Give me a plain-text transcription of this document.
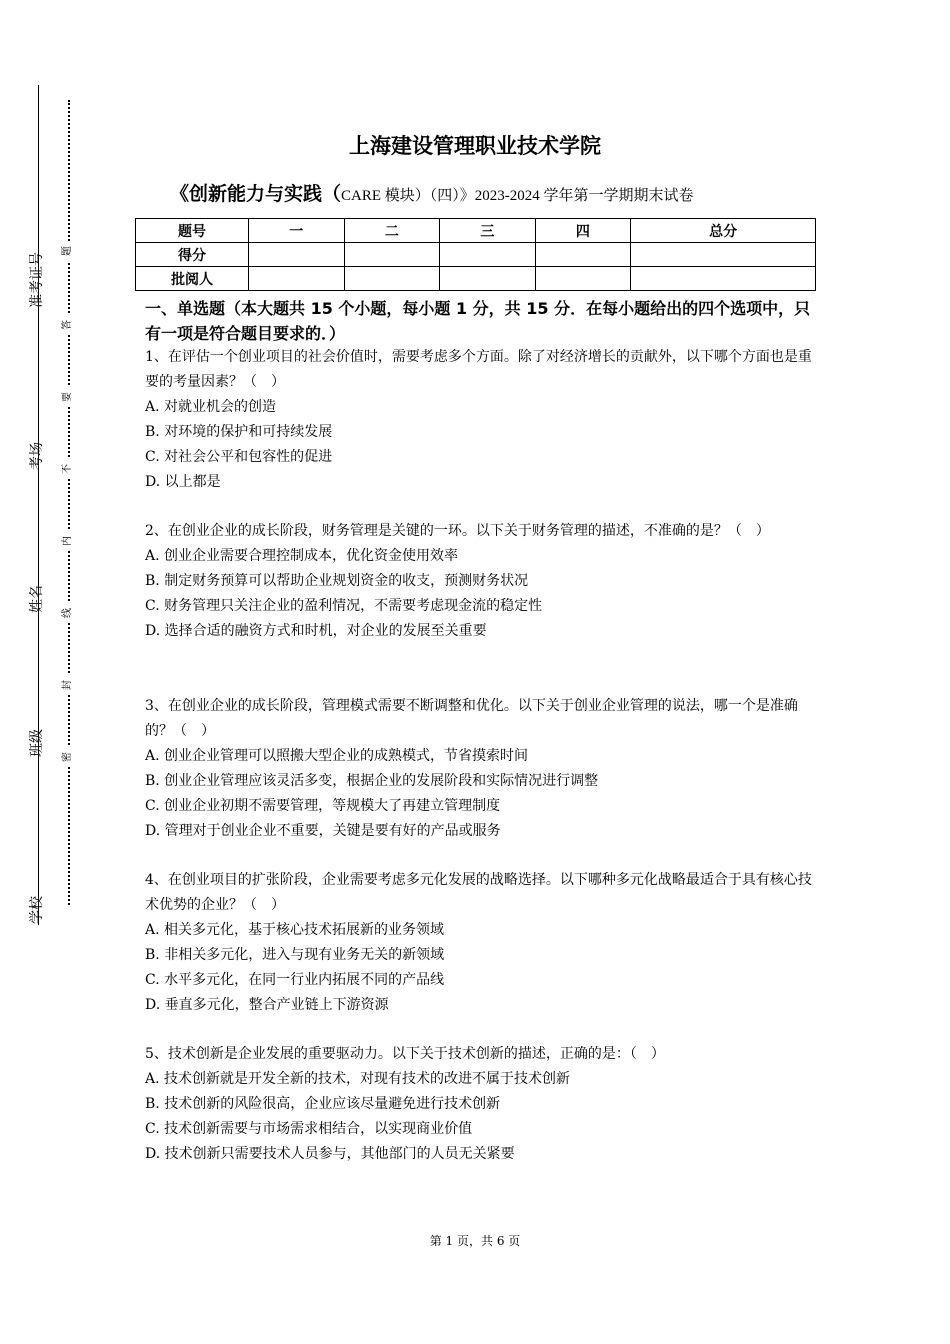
准考证号
考场
姓名
班级
学校
题
答
要
不
内
线
封
密
上海建设管理职业技术学院
《创新能力与实践（CARE 模块）（四）》2023-2024 学年第一学期期末试卷
题号	一	二	三	四	总分
得分					
批阅人					
一、单选题（本大题共 15 个小题，每小题 1 分，共 15 分．在每小题给出的四个选项中，只有一项是符合题目要求的．）
1、在评估一个创业项目的社会价值时，需要考虑多个方面。除了对经济增长的贡献外，以下哪个方面也是重要的考量因素？（　）
A. 对就业机会的创造
B. 对环境的保护和可持续发展
C. 对社会公平和包容性的促进
D. 以上都是
2、在创业企业的成长阶段，财务管理是关键的一环。以下关于财务管理的描述，不准确的是？（　）
A. 创业企业需要合理控制成本，优化资金使用效率
B. 制定财务预算可以帮助企业规划资金的收支，预测财务状况
C. 财务管理只关注企业的盈利情况，不需要考虑现金流的稳定性
D. 选择合适的融资方式和时机，对企业的发展至关重要
3、在创业企业的成长阶段，管理模式需要不断调整和优化。以下关于创业企业管理的说法，哪一个是准确的？（　）
A. 创业企业管理可以照搬大型企业的成熟模式，节省摸索时间
B. 创业企业管理应该灵活多变，根据企业的发展阶段和实际情况进行调整
C. 创业企业初期不需要管理，等规模大了再建立管理制度
D. 管理对于创业企业不重要，关键是要有好的产品或服务
4、在创业项目的扩张阶段，企业需要考虑多元化发展的战略选择。以下哪种多元化战略最适合于具有核心技术优势的企业？（　）
A. 相关多元化，基于核心技术拓展新的业务领域
B. 非相关多元化，进入与现有业务无关的新领域
C. 水平多元化，在同一行业内拓展不同的产品线
D. 垂直多元化，整合产业链上下游资源
5、技术创新是企业发展的重要驱动力。以下关于技术创新的描述，正确的是：（　）
A. 技术创新就是开发全新的技术，对现有技术的改进不属于技术创新
B. 技术创新的风险很高，企业应该尽量避免进行技术创新
C. 技术创新需要与市场需求相结合，以实现商业价值
D. 技术创新只需要技术人员参与，其他部门的人员无关紧要
第 1 页，共 6 页
